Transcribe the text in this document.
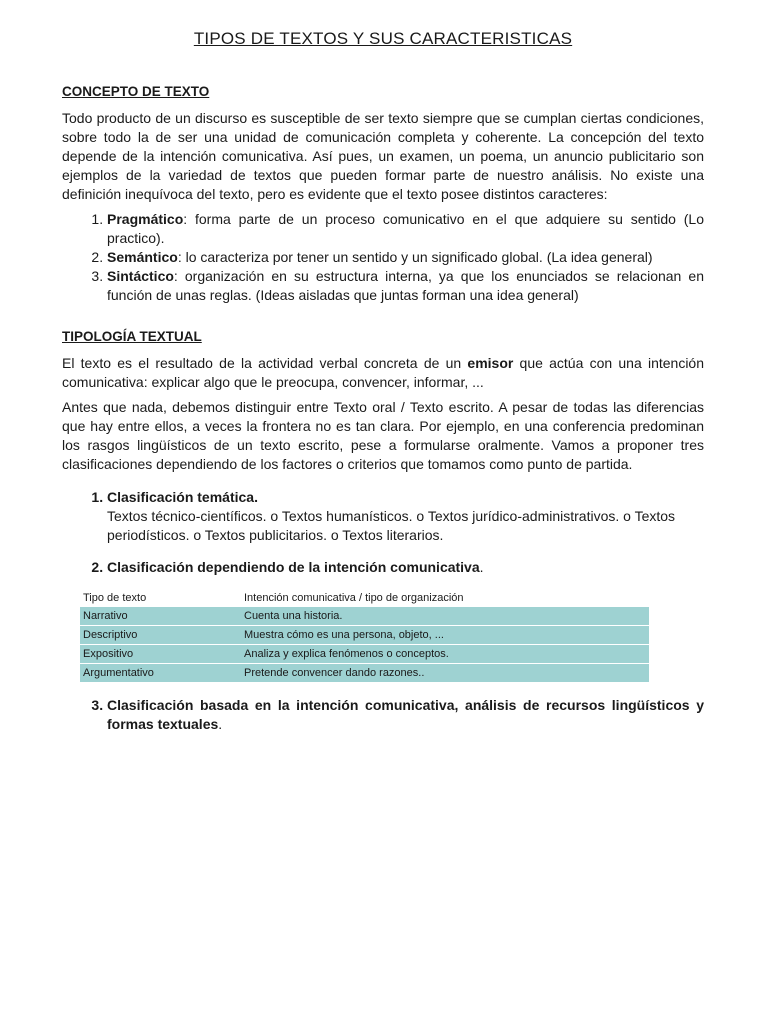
TIPOS DE TEXTOS Y SUS CARACTERISTICAS
CONCEPTO DE TEXTO

Todo producto de un discurso es susceptible de ser texto siempre que se cumplan ciertas condiciones, sobre todo la de ser una unidad de comunicación completa y coherente. La concepción del texto depende de la intención comunicativa. Así pues, un examen, un poema, un anuncio publicitario son ejemplos de la variedad de textos que pueden formar parte de nuestro análisis. No existe una definición inequívoca del texto, pero es evidente que el texto posee distintos caracteres:

1. Pragmático: forma parte de un proceso comunicativo en el que adquiere su sentido (Lo practico).
2. Semántico: lo caracteriza por tener un sentido y un significado global. (La idea general)
3. Sintáctico: organización en su estructura interna, ya que los enunciados se relacionan en función de unas reglas. (Ideas aisladas que juntas forman una idea general)
TIPOLOGÍA TEXTUAL

El texto es el resultado de la actividad verbal concreta de un emisor que actúa con una intención comunicativa: explicar algo que le preocupa, convencer, informar, ...

Antes que nada, debemos distinguir entre Texto oral / Texto escrito. A pesar de todas las diferencias que hay entre ellos, a veces la frontera no es tan clara. Por ejemplo, en una conferencia predominan los rasgos lingüísticos de un texto escrito, pese a formularse oralmente. Vamos a proponer tres clasificaciones dependiendo de los factores o criterios que tomamos como punto de partida.

1. Clasificación temática.
Textos técnico-científicos. o Textos humanísticos. o Textos jurídico-administrativos. o Textos periodísticos. o Textos publicitarios. o Textos literarios.
2. Clasificación dependiendo de la intención comunicativa.
Tipo de texto	Intención comunicativa / tipo de organización
Narrativo	Cuenta una historia.
Descriptivo	Muestra cómo es una persona, objeto, ...
Expositivo	Analiza y explica fenómenos o conceptos.
Argumentativo	Pretende convencer dando razones..
3. Clasificación basada en la intención comunicativa, análisis de recursos lingüísticos y formas textuales.
